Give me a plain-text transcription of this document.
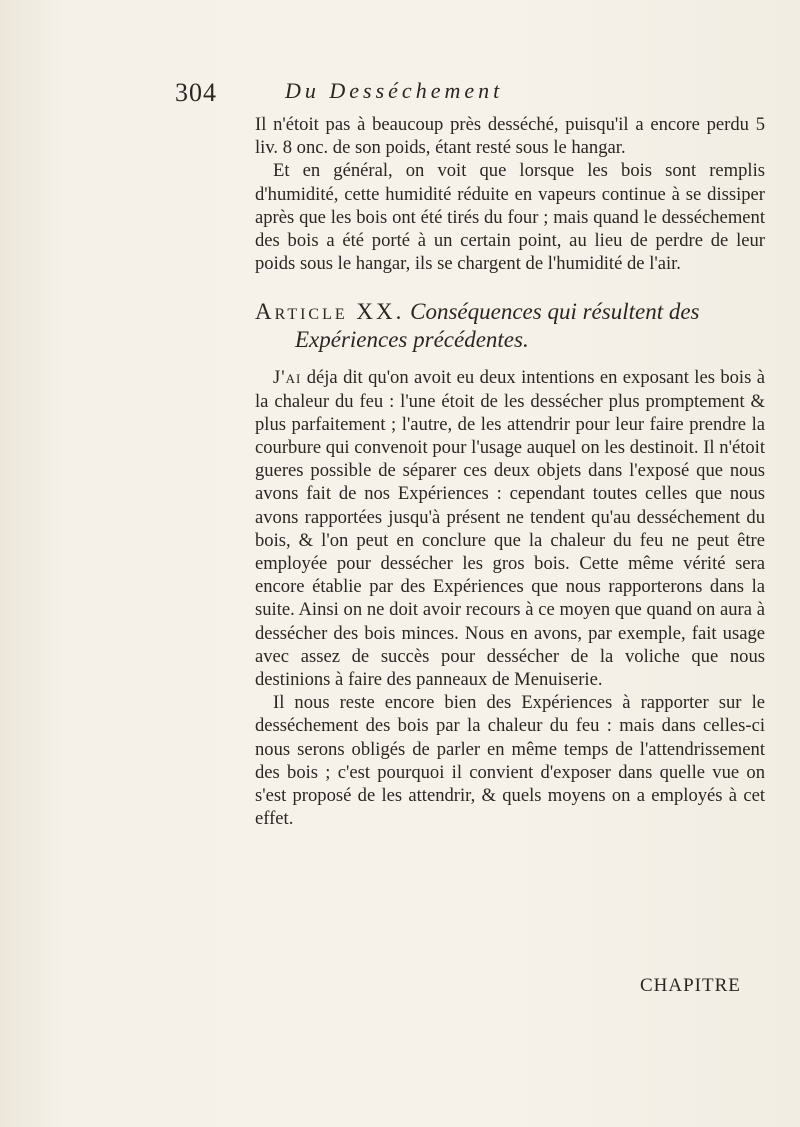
304	Du Desséchement

Il n'étoit pas à beaucoup près desséché, puisqu'il a encore perdu 5 liv. 8 onc. de son poids, étant resté sous le hangar.

Et en général, on voit que lorsque les bois sont remplis d'humidité, cette humidité réduite en vapeurs continue à se dissiper après que les bois ont été tirés du four ; mais quand le desséchement des bois a été porté à un certain point, au lieu de perdre de leur poids sous le hangar, ils se chargent de l'humidité de l'air.

Article XX. Conséquences qui résultent des
Expériences précédentes.

J'ai déja dit qu'on avoit eu deux intentions en exposant les bois à la chaleur du feu : l'une étoit de les dessécher plus promptement & plus parfaitement ; l'autre, de les attendrir pour leur faire prendre la courbure qui convenoit pour l'usage auquel on les destinoit. Il n'étoit gueres possible de séparer ces deux objets dans l'exposé que nous avons fait de nos Expériences : cependant toutes celles que nous avons rapportées jusqu'à présent ne tendent qu'au desséchement du bois, & l'on peut en conclure que la chaleur du feu ne peut être employée pour dessécher les gros bois. Cette même vérité sera encore établie par des Expériences que nous rapporterons dans la suite. Ainsi on ne doit avoir recours à ce moyen que quand on aura à dessécher des bois minces. Nous en avons, par exemple, fait usage avec assez de succès pour dessécher de la voliche que nous destinions à faire des panneaux de Menuiserie.

Il nous reste encore bien des Expériences à rapporter sur le desséchement des bois par la chaleur du feu : mais dans celles-ci nous serons obligés de parler en même temps de l'attendrissement des bois ; c'est pourquoi il convient d'exposer dans quelle vue on s'est proposé de les attendrir, & quels moyens on a employés à cet effet.

CHAPITRE
